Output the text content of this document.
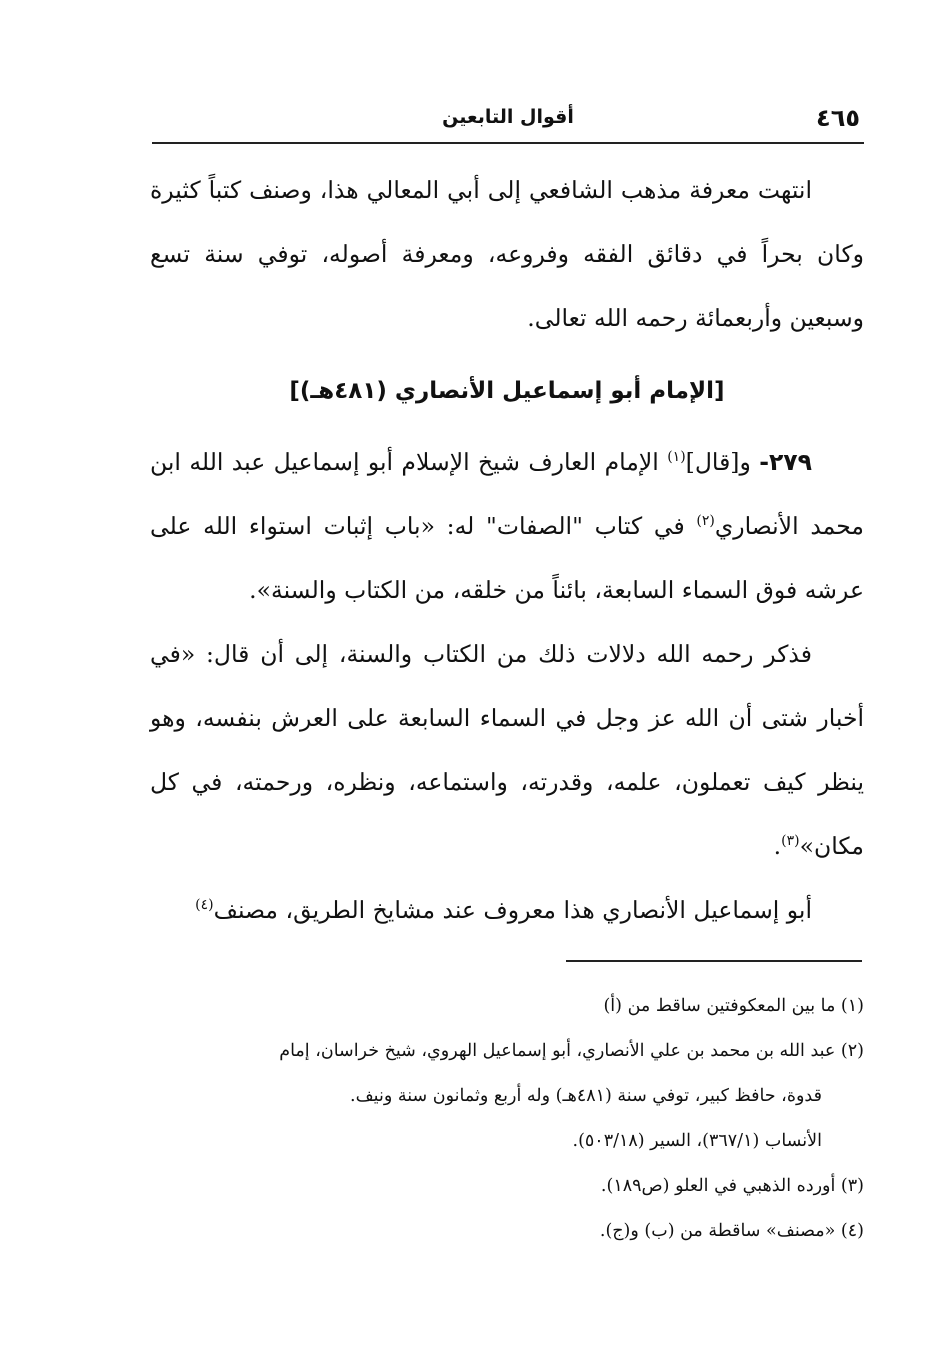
٤٦٥
أقوال التابعين

انتهت معرفة مذهب الشافعي إلى أبي المعالي هذا، وصنف كتباً كثيرة وكان بحراً في دقائق الفقه وفروعه، ومعرفة أصوله، توفي سنة تسع وسبعين وأربعمائة رحمه الله تعالى.

[الإمام أبو إسماعيل الأنصاري (٤٨١هـ)]

٢٧٩- و[قال]$^{(١)}$ الإمام العارف شيخ الإسلام أبو إسماعيل عبد الله ابن محمد الأنصاري$^{(٢)}$ في كتاب "الصفات" له: «باب إثبات استواء الله على عرشه فوق السماء السابعة، بائناً من خلقه، من الكتاب والسنة».

فذكر رحمه الله دلالات ذلك من الكتاب والسنة، إلى أن قال: «في أخبار شتى أن الله عز وجل في السماء السابعة على العرش بنفسه، وهو ينظر كيف تعملون، علمه، وقدرته، واستماعه، ونظره، ورحمته، في كل مكان»$^{(٣)}$.

أبو إسماعيل الأنصاري هذا معروف عند مشايخ الطريق، مصنف$^{(٤)}$

(١) ما بين المعكوفتين ساقط من (أ)

(٢) عبد الله بن محمد بن علي الأنصاري، أبو إسماعيل الهروي، شيخ خراسان، إمام
قدوة، حافظ كبير، توفي سنة (٤٨١هـ) وله أربع وثمانون سنة ونيف.
الأنساب (٣٦٧/١)، السير (٥٠٣/١٨).

(٣) أورده الذهبي في العلو (ص١٨٩).

(٤) «مصنف» ساقطة من (ب) و(ج).
